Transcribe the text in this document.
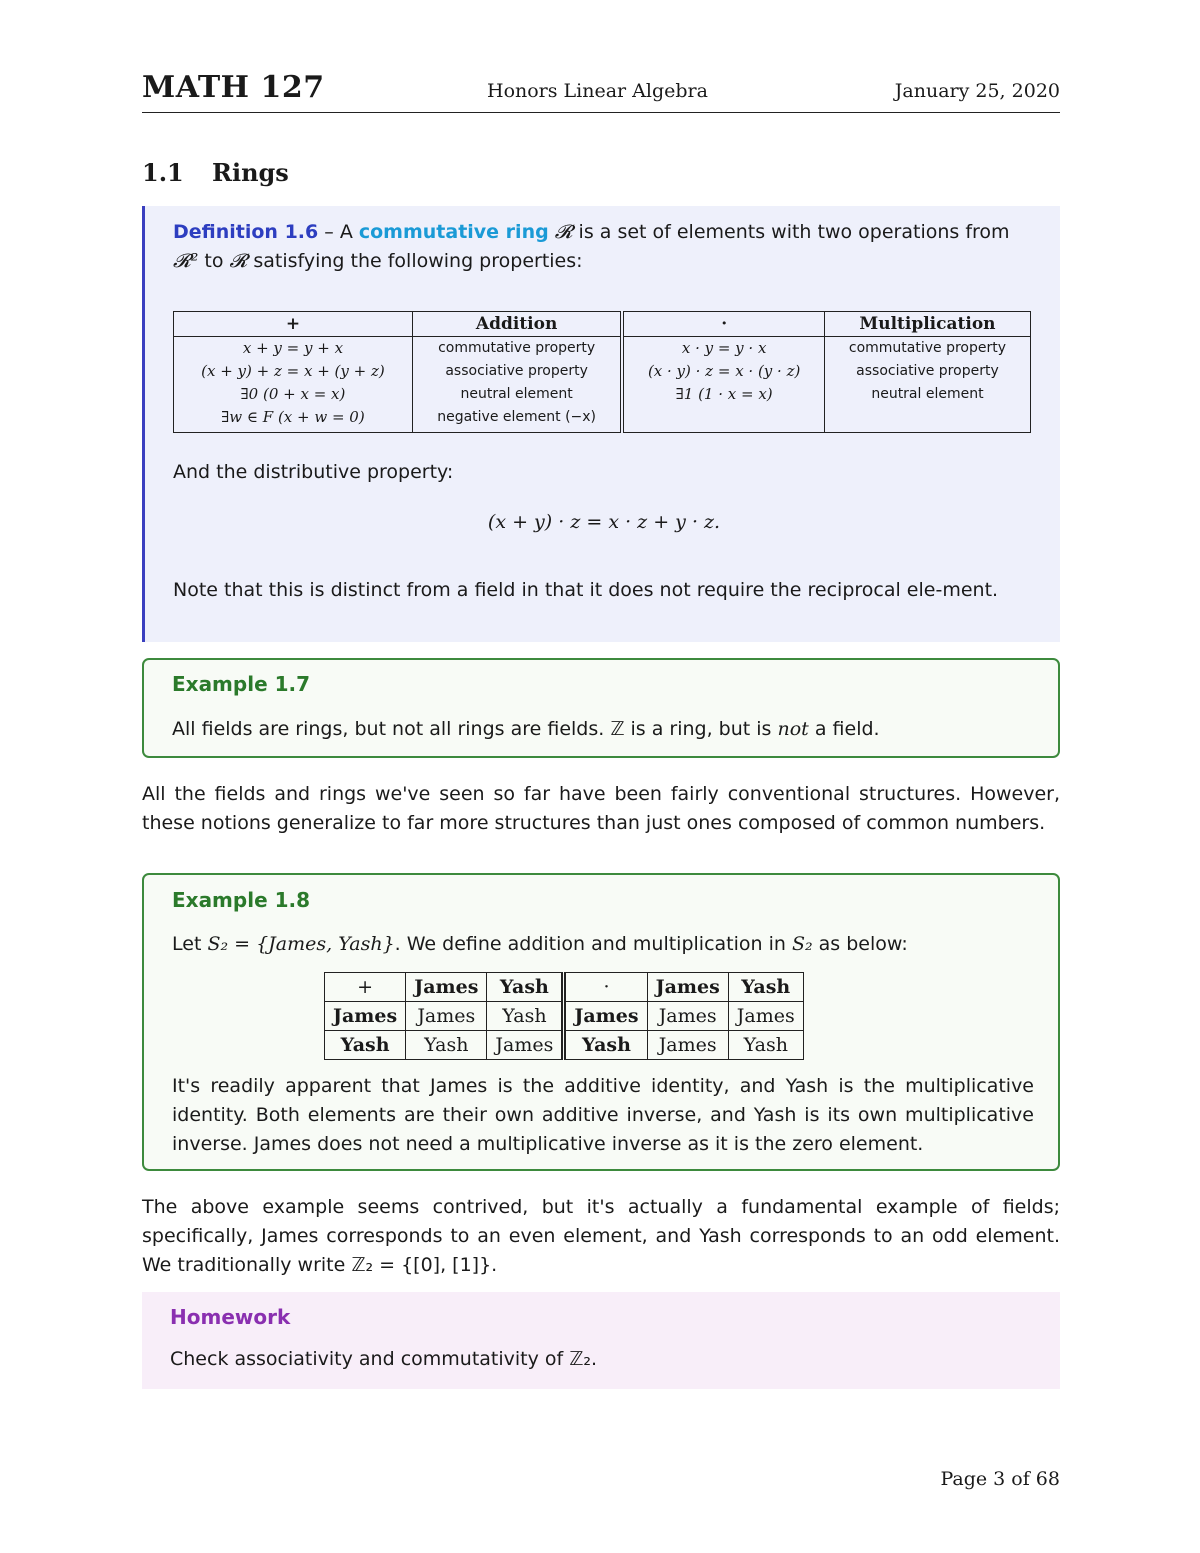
MATH 127	Honors Linear Algebra	January 25, 2020
1.1 Rings
Definition 1.6 – A commutative ring 𝓡 is a set of elements with two operations from 𝓡² to 𝓡 satisfying the following properties:
+	Addition	·	Multiplication
x + y = y + x	commutative property	x · y = y · x	commutative property
(x + y) + z = x + (y + z)	associative property	(x · y) · z = x · (y · z)	associative property
∃0 (0 + x = x)	neutral element	∃1 (1 · x = x)	neutral element
∃w ∈ F (x + w = 0)	negative element (−x)		
And the distributive property:
(x + y) · z = x · z + y · z.
Note that this is distinct from a field in that it does not require the reciprocal ele-ment.
Example 1.7
All fields are rings, but not all rings are fields. ℤ is a ring, but is not a field.
All the fields and rings we've seen so far have been fairly conventional structures. However, these notions generalize to far more structures than just ones composed of common numbers.
Example 1.8
Let S₂ = {James, Yash}. We define addition and multiplication in S₂ as below:
+	James	Yash	·	James	Yash
James	James	Yash	James	James	James
Yash	Yash	James	Yash	James	Yash
It's readily apparent that James is the additive identity, and Yash is the multiplicative identity. Both elements are their own additive inverse, and Yash is its own multiplicative inverse. James does not need a multiplicative inverse as it is the zero element.
The above example seems contrived, but it's actually a fundamental example of fields; specifically, James corresponds to an even element, and Yash corresponds to an odd element. We traditionally write ℤ₂ = {[0], [1]}.
Homework
Check associativity and commutativity of ℤ₂.
Page 3 of 68
